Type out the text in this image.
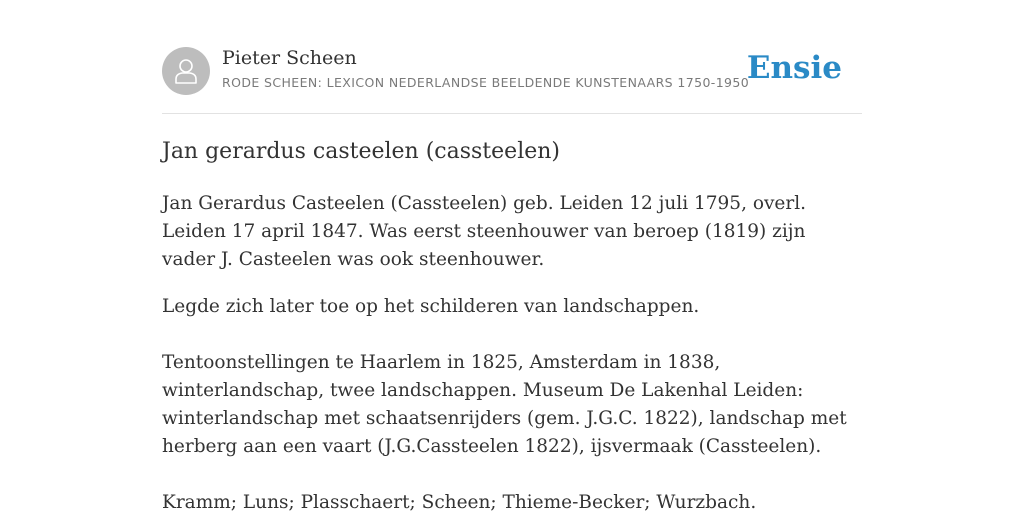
Pieter Scheen
RODE SCHEEN: LEXICON NEDERLANDSE BEELDENDE KUNSTENAARS 1750-1950
Ensie
Jan gerardus casteelen (cassteelen)

Jan Gerardus Casteelen (Cassteelen) geb. Leiden 12 juli 1795, overl. Leiden 17 april 1847. Was eerst steenhouwer van beroep (1819) zijn vader J. Casteelen was ook steenhouwer.

Legde zich later toe op het schilderen van landschappen.

Tentoonstellingen te Haarlem in 1825, Amsterdam in 1838, winterlandschap, twee landschappen. Museum De Lakenhal Leiden: winterlandschap met schaatsenrijders (gem. J.G.C. 1822), landschap met herberg aan een vaart (J.G.Cassteelen 1822), ijsvermaak (Cassteelen).

Kramm; Luns; Plasschaert; Scheen; Thieme-Becker; Wurzbach.
